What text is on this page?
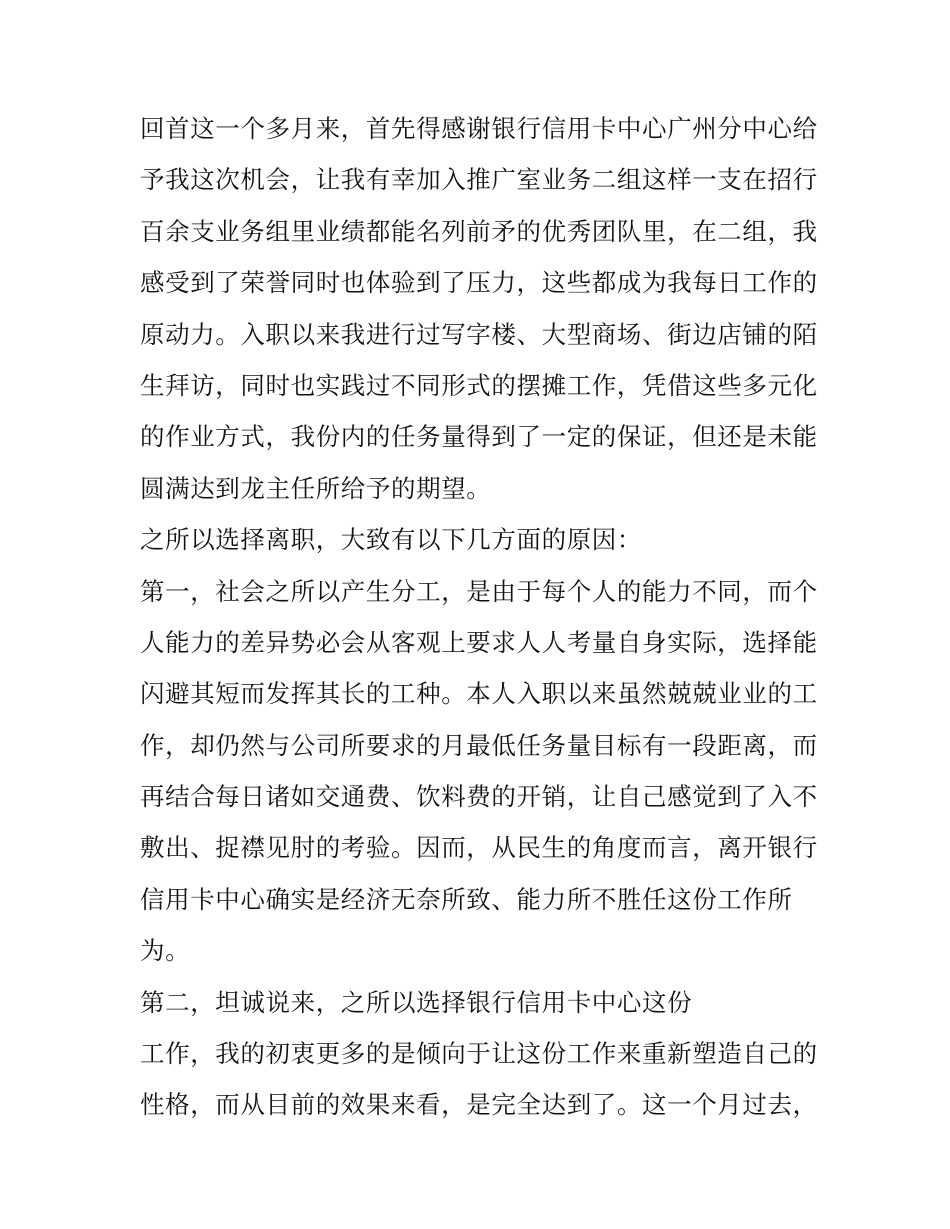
回首这一个多月来，首先得感谢银行信用卡中心广州分中心给
予我这次机会，让我有幸加入推广室业务二组这样一支在招行
百余支业务组里业绩都能名列前矛的优秀团队里，在二组，我
感受到了荣誉同时也体验到了压力，这些都成为我每日工作的
原动力。入职以来我进行过写字楼、大型商场、街边店铺的陌
生拜访，同时也实践过不同形式的摆摊工作，凭借这些多元化
的作业方式，我份内的任务量得到了一定的保证，但还是未能
圆满达到龙主任所给予的期望。
之所以选择离职，大致有以下几方面的原因：
第一，社会之所以产生分工，是由于每个人的能力不同，而个
人能力的差异势必会从客观上要求人人考量自身实际，选择能
闪避其短而发挥其长的工种。本人入职以来虽然兢兢业业的工
作，却仍然与公司所要求的月最低任务量目标有一段距离，而
再结合每日诸如交通费、饮料费的开销，让自己感觉到了入不
敷出、捉襟见肘的考验。因而，从民生的角度而言，离开银行
信用卡中心确实是经济无奈所致、能力所不胜任这份工作所
为。
第二，坦诚说来，之所以选择银行信用卡中心这份
工作，我的初衷更多的是倾向于让这份工作来重新塑造自己的
性格，而从目前的效果来看，是完全达到了。这一个月过去，
